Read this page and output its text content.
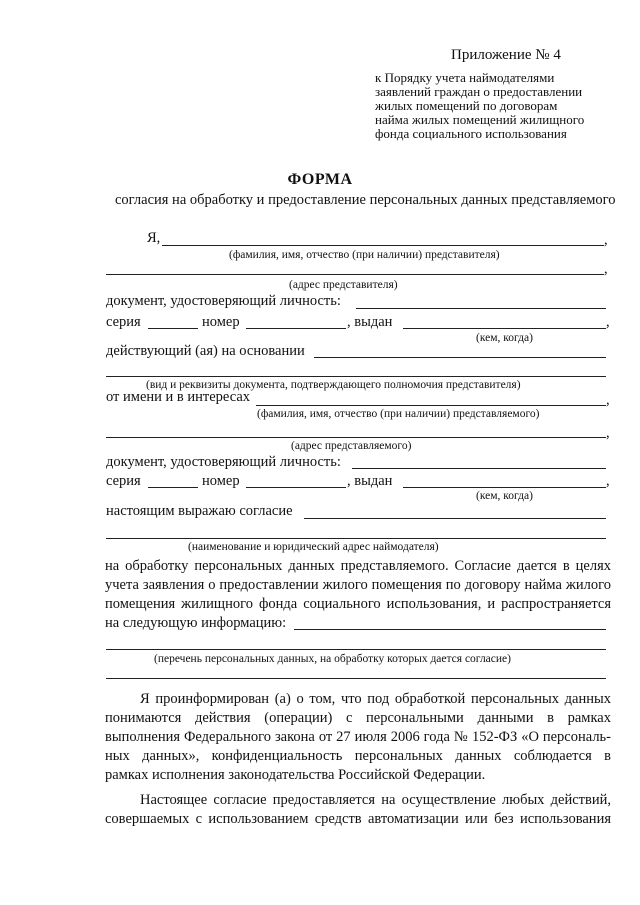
Приложение № 4
к Порядку учета наймодателями
заявлений граждан о предоставлении
жилых помещений по договорам
найма жилых помещений жилищного
фонда социального использования
ФОРМА
согласия на обработку и предоставление персональных данных представляемого
Я,	,
(фамилия, имя, отчество (при наличии) представителя)
,
(адрес представителя)
документ, удостоверяющий личность:
серия	номер	, выдан	,
(кем, когда)
действующий (ая) на основании
(вид и реквизиты документа, подтверждающего полномочия представителя)
от имени и в интересах	,
(фамилия, имя, отчество (при наличии) представляемого)
,
(адрес представляемого)
документ, удостоверяющий личность:
серия	номер	, выдан	,
(кем, когда)
настоящим выражаю согласие
(наименование и юридический адрес наймодателя)
на обработку персональных данных представляемого. Согласие дается в целях
учета заявления о предоставлении жилого помещения по договору найма жилого
помещения жилищного фонда социального использования, и распространяется
на следующую информацию:
(перечень персональных данных, на обработку которых дается согласие)
Я проинформирован (а) о том, что под обработкой персональных данных
понимаются действия (операции) с персональными данными в рамках
выполнения Федерального закона от 27 июля 2006 года № 152-ФЗ «О персональ-
ных данных», конфиденциальность персональных данных соблюдается в
рамках исполнения законодательства Российской Федерации.
Настоящее согласие предоставляется на осуществление любых действий,
совершаемых с использованием средств автоматизации или без использования
